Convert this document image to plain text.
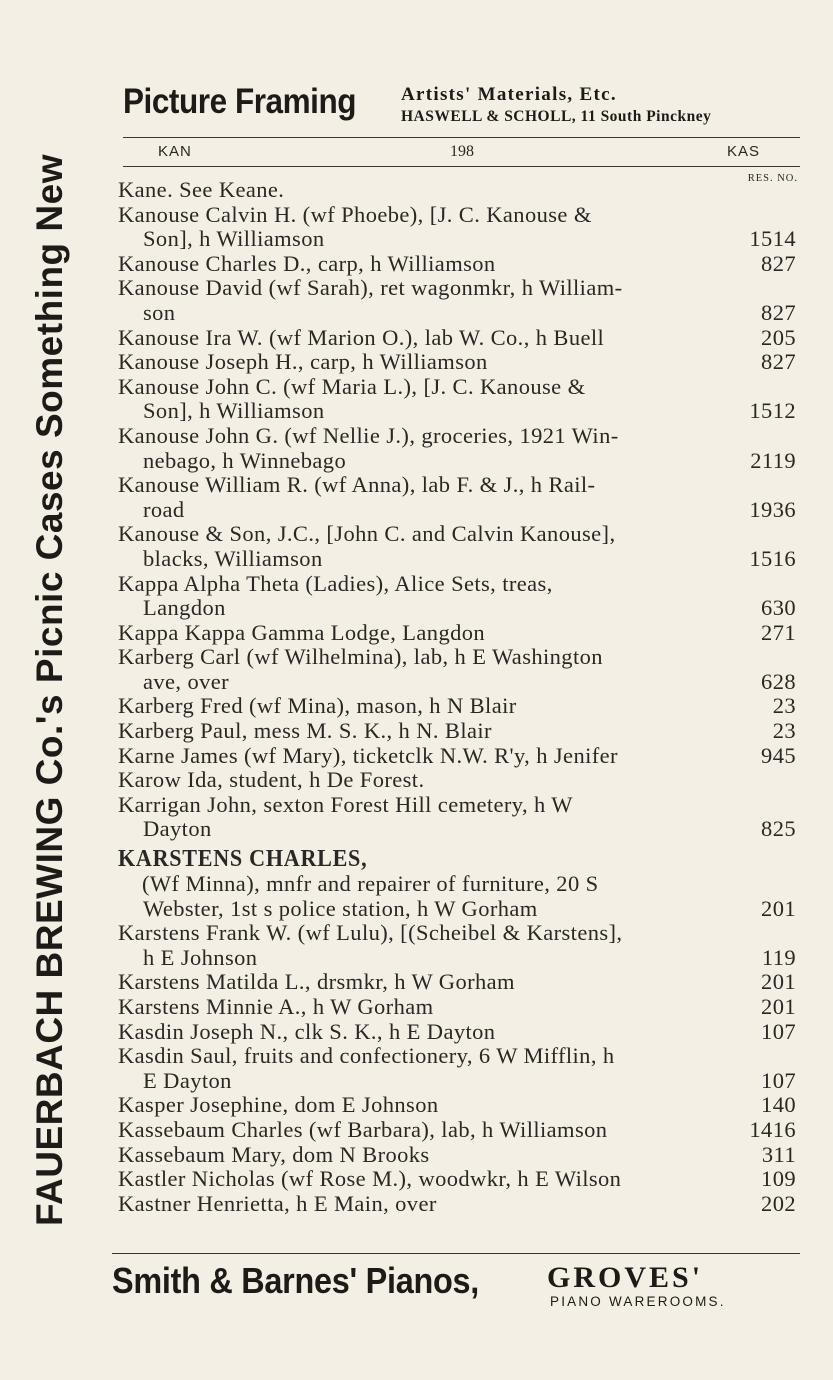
FAUERBACH BREWING Co.'s Picnic Cases Something New
Picture Framing Artists' Materials, Etc.
HASWELL & SCHOLL, 11 South Pinckney
KAN	198	KAS
RES. NO.
Kane. See Keane.
Kanouse Calvin H. (wf Phoebe), [J. C. Kanouse &
Son], h Williamson	1514
Kanouse Charles D., carp, h Williamson	827
Kanouse David (wf Sarah), ret wagonmkr, h William-
son	827
Kanouse Ira W. (wf Marion O.), lab W. Co., h Buell	205
Kanouse Joseph H., carp, h Williamson	827
Kanouse John C. (wf Maria L.), [J. C. Kanouse &
Son], h Williamson	1512
Kanouse John G. (wf Nellie J.), groceries, 1921 Win-
nebago, h Winnebago	2119
Kanouse William R. (wf Anna), lab F. & J., h Rail-
road	1936
Kanouse & Son, J.C., [John C. and Calvin Kanouse],
blacks, Williamson	1516
Kappa Alpha Theta (Ladies), Alice Sets, treas,
Langdon	630
Kappa Kappa Gamma Lodge, Langdon	271
Karberg Carl (wf Wilhelmina), lab, h E Washington
ave, over	628
Karberg Fred (wf Mina), mason, h N Blair	23
Karberg Paul, mess M. S. K., h N. Blair	23
Karne James (wf Mary), ticketclk N.W. R'y, h Jenifer	945
Karow Ida, student, h De Forest.
Karrigan John, sexton Forest Hill cemetery, h W
Dayton	825
KARSTENS CHARLES,
(Wf Minna), mnfr and repairer of furniture, 20 S
Webster, 1st s police station, h W Gorham	201
Karstens Frank W. (wf Lulu), [(Scheibel & Karstens],
h E Johnson	119
Karstens Matilda L., drsmkr, h W Gorham	201
Karstens Minnie A., h W Gorham	201
Kasdin Joseph N., clk S. K., h E Dayton	107
Kasdin Saul, fruits and confectionery, 6 W Mifflin, h
E Dayton	107
Kasper Josephine, dom E Johnson	140
Kassebaum Charles (wf Barbara), lab, h Williamson	1416
Kassebaum Mary, dom N Brooks	311
Kastler Nicholas (wf Rose M.), woodwkr, h E Wilson	109
Kastner Henrietta, h E Main, over	202
Smith & Barnes' Pianos, GROVES'
PIANO WAREROOMS.
